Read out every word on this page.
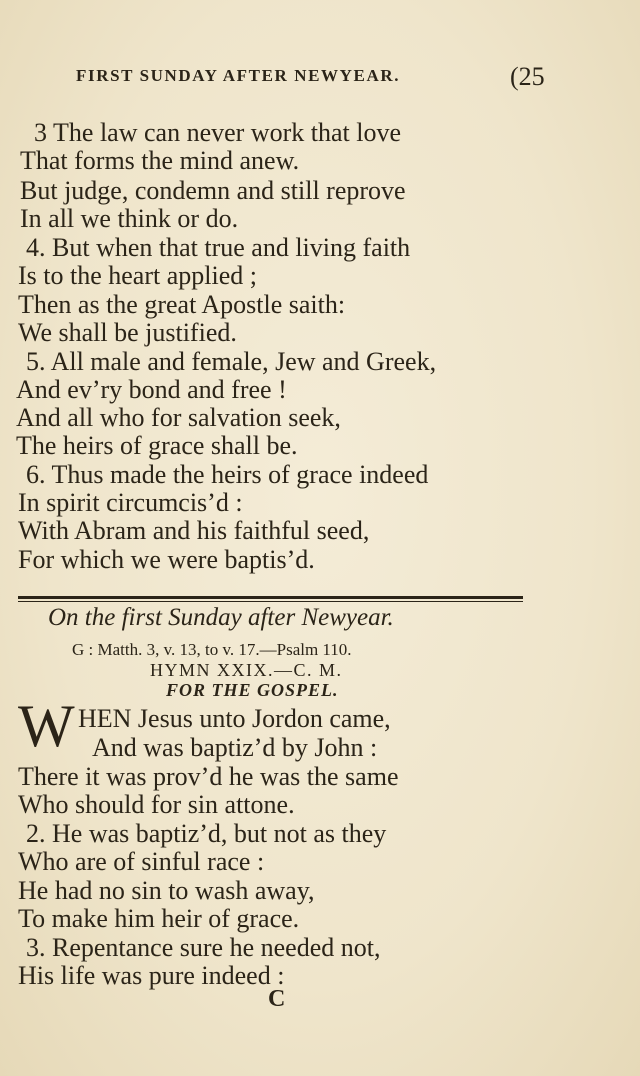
FIRST SUNDAY AFTER NEWYEAR.	(25
3 The law can never work that love
That forms the mind anew.
But judge, condemn and still reprove
In all we think or do.
4. But when that true and living faith
Is to the heart applied ;
Then as the great Apostle saith:
We shall be justified.
5. All male and female, Jew and Greek,
And ev’ry bond and free !
And all who for salvation seek,
The heirs of grace shall be.
6. Thus made the heirs of grace indeed
In spirit circumcis’d :
With Abram and his faithful seed,
For which we were baptis’d.
On the first Sunday after Newyear.
G : Matth. 3, v. 13, to v. 17.—Psalm 110.
HYMN XXIX.—C. M.
FOR THE GOSPEL.
W HEN Jesus unto Jordon came,
And was baptiz’d by John :
There it was prov’d he was the same
Who should for sin attone.
2. He was baptiz’d, but not as they
Who are of sinful race :
He had no sin to wash away,
To make him heir of grace.
3. Repentance sure he needed not,
His life was pure indeed :
C
